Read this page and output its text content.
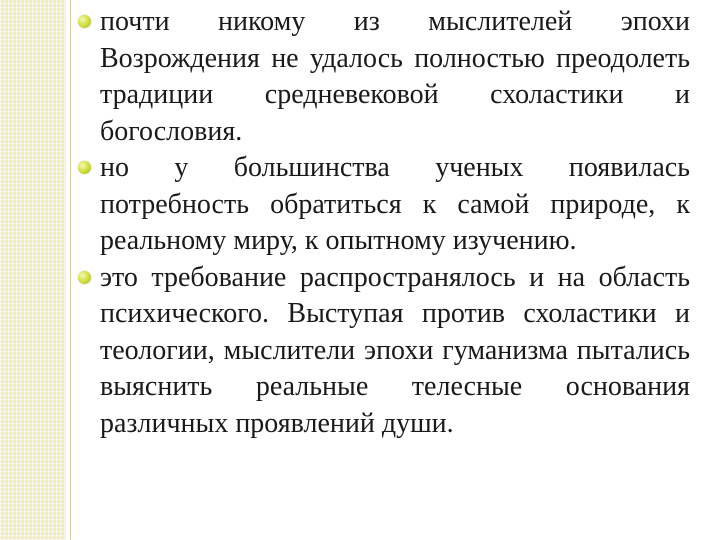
почти никому из мыслителей эпохи Возрождения не удалось полностью преодолеть традиции средневековой схоластики и богословия.
но у большинства ученых появилась потребность обратиться к самой природе, к реальному миру, к опытному изучению.
это требование распространялось и на область психического. Выступая против схоластики и теологии, мыслители эпохи гуманизма пытались выяснить реальные телесные основания различных проявлений души.
